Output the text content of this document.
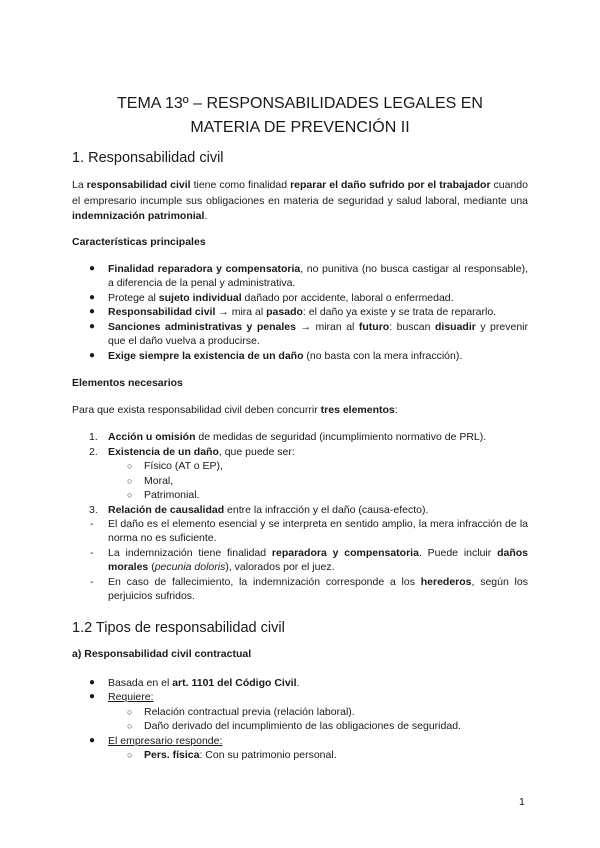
TEMA 13º – RESPONSABILIDADES LEGALES EN
MATERIA DE PREVENCIÓN II
1. Responsabilidad civil

La responsabilidad civil tiene como finalidad reparar el daño sufrido por el trabajador cuando el empresario incumple sus obligaciones en materia de seguridad y salud laboral, mediante una indemnización patrimonial.

Características principales
● Finalidad reparadora y compensatoria, no punitiva (no busca castigar al responsable), a diferencia de la penal y administrativa.
● Protege al sujeto individual dañado por accidente, laboral o enfermedad.
● Responsabilidad civil → mira al pasado: el daño ya existe y se trata de repararlo.
● Sanciones administrativas y penales → miran al futuro: buscan disuadir y prevenir que el daño vuelva a producirse.
● Exige siempre la existencia de un daño (no basta con la mera infracción).
Elementos necesarios

Para que exista responsabilidad civil deben concurrir tres elementos:

1. Acción u omisión de medidas de seguridad (incumplimiento normativo de PRL).
2. Existencia de un daño, que puede ser:
○ Físico (AT o EP),
○ Moral,
○ Patrimonial.
3. Relación de causalidad entre la infracción y el daño (causa-efecto).
- El daño es el elemento esencial y se interpreta en sentido amplio, la mera infracción de la norma no es suficiente.
- La indemnización tiene finalidad reparadora y compensatoria. Puede incluir daños morales (pecunia doloris), valorados por el juez.
- En caso de fallecimiento, la indemnización corresponde a los herederos, según los perjuicios sufridos.
1.2 Tipos de responsabilidad civil
a) Responsabilidad civil contractual
● Basada en el art. 1101 del Código Civil.
● Requiere:
○ Relación contractual previa (relación laboral).
○ Daño derivado del incumplimiento de las obligaciones de seguridad.
● El empresario responde:
○ Pers. física: Con su patrimonio personal.
1
